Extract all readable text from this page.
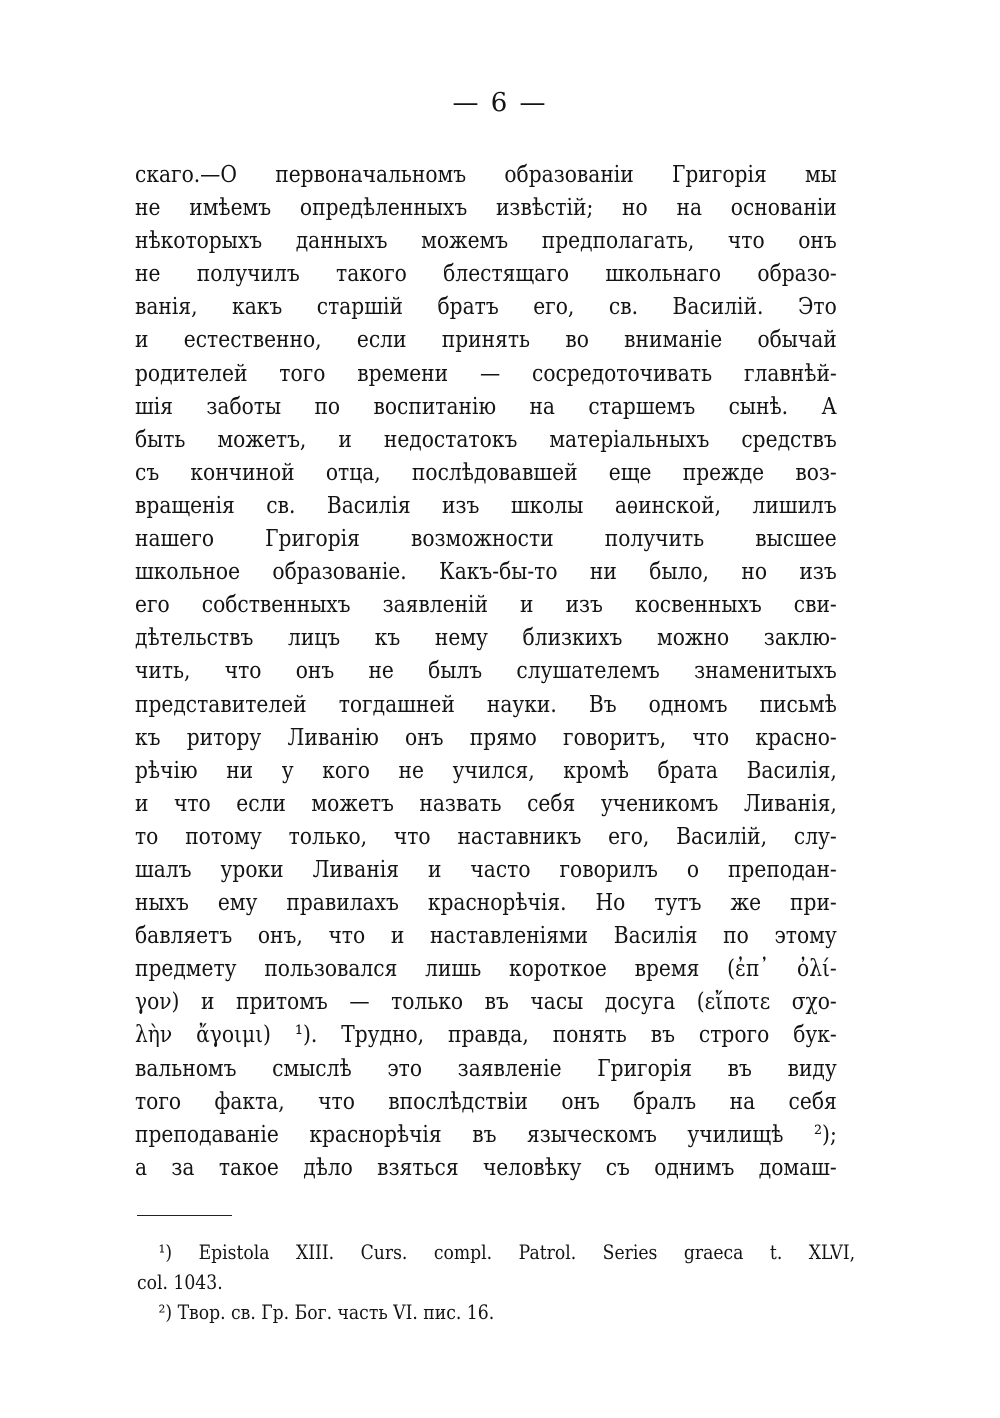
— 6 —
скаго.—О первоначальномъ образованiи Григорія мы
не имѣемъ опредѣленныхъ извѣстій; но на основанiи
нѣкоторыхъ данныхъ можемъ предполагать, что онъ
не получилъ такого блестящаго школьнаго образо-
ванія, какъ старшій братъ его, св. Василій. Это
и естественно, если принять во вниманіе обычай
родителей того времени — сосредоточивать главнѣй-
шія заботы по воспитанію на старшемъ сынѣ. А
быть можетъ, и недостатокъ матеріальныхъ средствъ
съ кончиной отца, послѣдовавшей еще прежде воз-
вращенія св. Василія изъ школы аѳинской, лишилъ
нашего Григорія возможности получить высшее
школьное образованіе. Какъ-бы-то ни было, но изъ
его собственныхъ заявленій и изъ косвенныхъ сви-
дѣтельствъ лицъ къ нему близкихъ можно заклю-
чить, что онъ не былъ слушателемъ знаменитыхъ
представителей тогдашней науки. Въ одномъ письмѣ
къ ритору Ливанію онъ прямо говоритъ, что красно-
рѣчію ни у кого не учился, кромѣ брата Василія,
и что если можетъ назвать себя ученикомъ Ливанія,
то потому только, что наставникъ его, Василій, слу-
шалъ уроки Ливанія и часто говорилъ о преподан-
ныхъ ему правилахъ краснорѣчія. Но тутъ же при-
бавляетъ онъ, что и наставленіями Василія по этому
предмету пользовался лишь короткое время (ἐπ᾽ ὀλί-
γον) и притомъ — только въ часы досуга (εἴποτε σχο-
λὴν ἄγοιμι) ¹). Трудно, правда, понять въ строго бук-
вальномъ смыслѣ это заявленіе Григорія въ виду
того факта, что впослѣдствіи онъ бралъ на себя
преподаваніе краснорѣчія въ языческомъ училищѣ ²);
а за такое дѣло взяться человѣку съ однимъ домаш-
¹) Epistola XIII. Curs. compl. Patrol. Series graeca t. XLVI,
col. 1043.
²) Твор. св. Гр. Бог. часть VI. пис. 16.
